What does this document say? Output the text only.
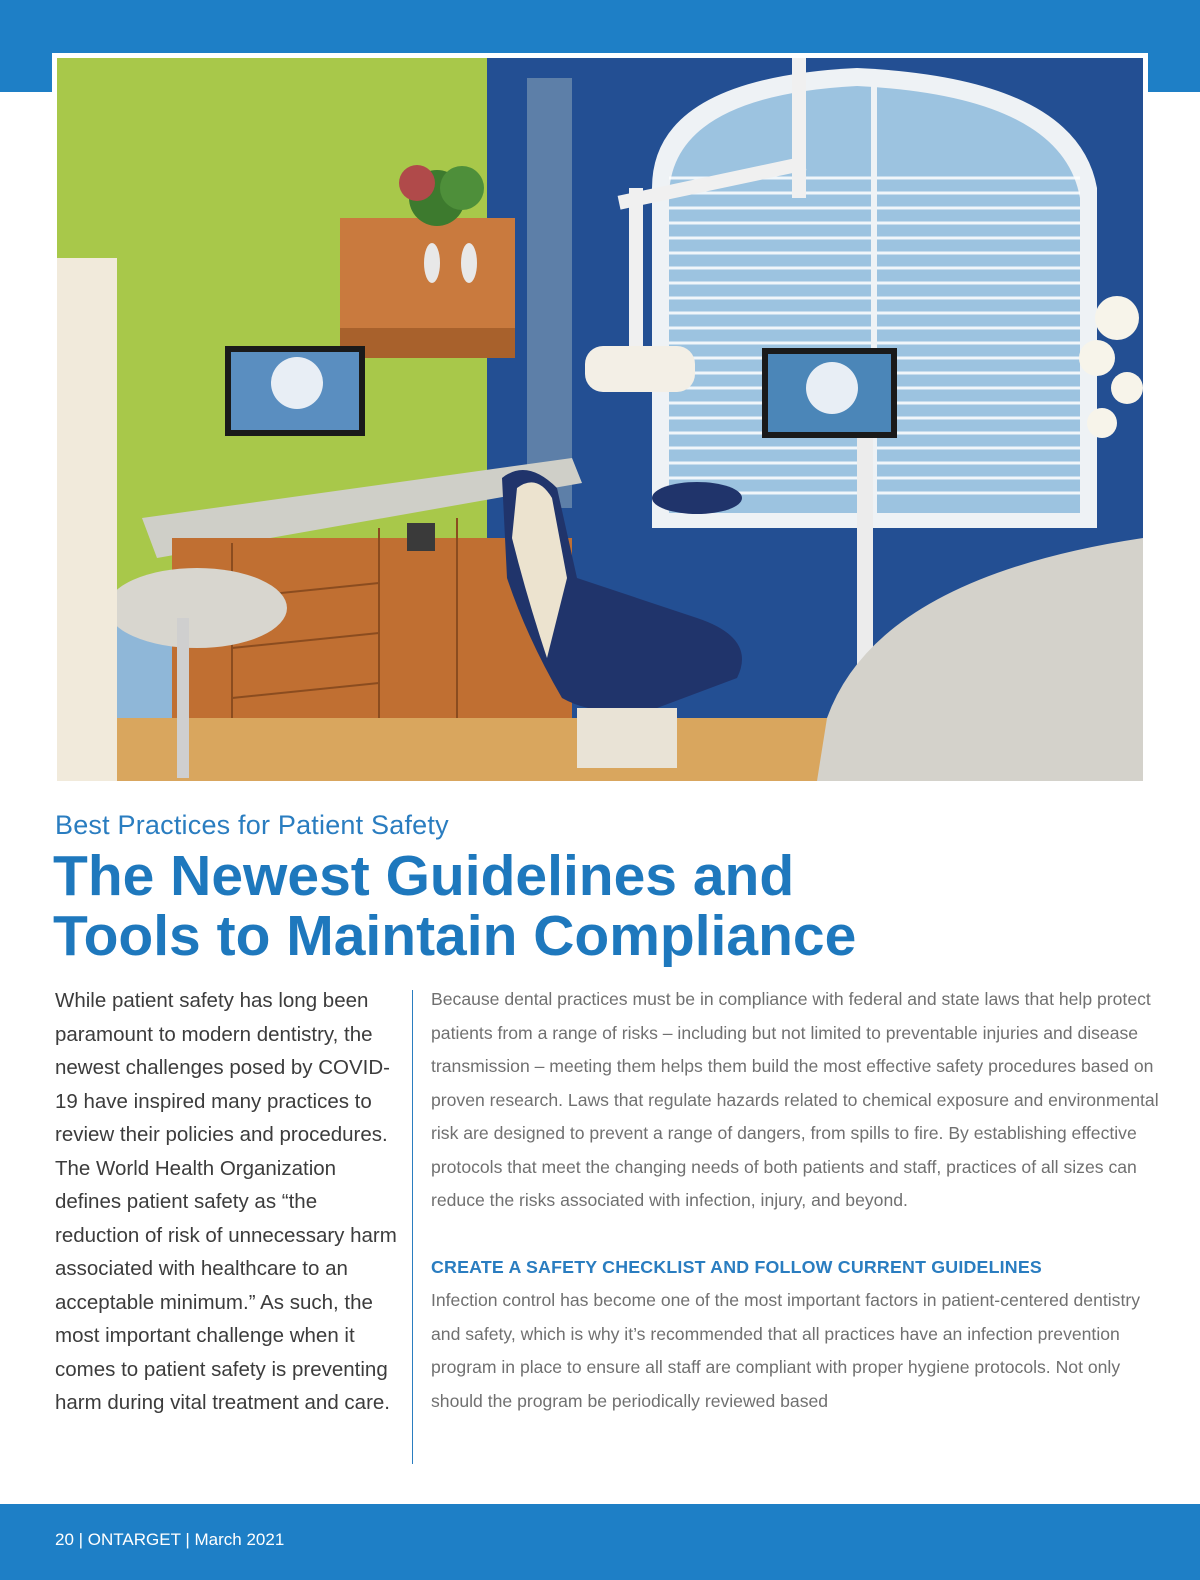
Best Practices for Patient Safety
The Newest Guidelines and
Tools to Maintain Compliance

While patient safety has long been paramount to modern dentistry, the newest challenges posed by COVID-19 have inspired many practices to review their policies and procedures. The World Health Organization defines patient safety as “the reduction of risk of unnecessary harm associated with healthcare to an acceptable minimum.” As such, the most important challenge when it comes to patient safety is preventing harm during vital treatment and care.

Because dental practices must be in compliance with federal and state laws that help protect patients from a range of risks – including but not limited to preventable injuries and disease transmission – meeting them helps them build the most effective safety procedures based on proven research. Laws that regulate hazards related to chemical exposure and environmental risk are designed to prevent a range of dangers, from spills to fire. By establishing effective protocols that meet the changing needs of both patients and staff, practices of all sizes can reduce the risks associated with infection, injury, and beyond.

CREATE A SAFETY CHECKLIST AND FOLLOW CURRENT GUIDELINES

Infection control has become one of the most important factors in patient-centered dentistry and safety, which is why it’s recommended that all practices have an infection prevention program in place to ensure all staff are compliant with proper hygiene protocols. Not only should the program be periodically reviewed based

20 | ONTARGET | March 2021
